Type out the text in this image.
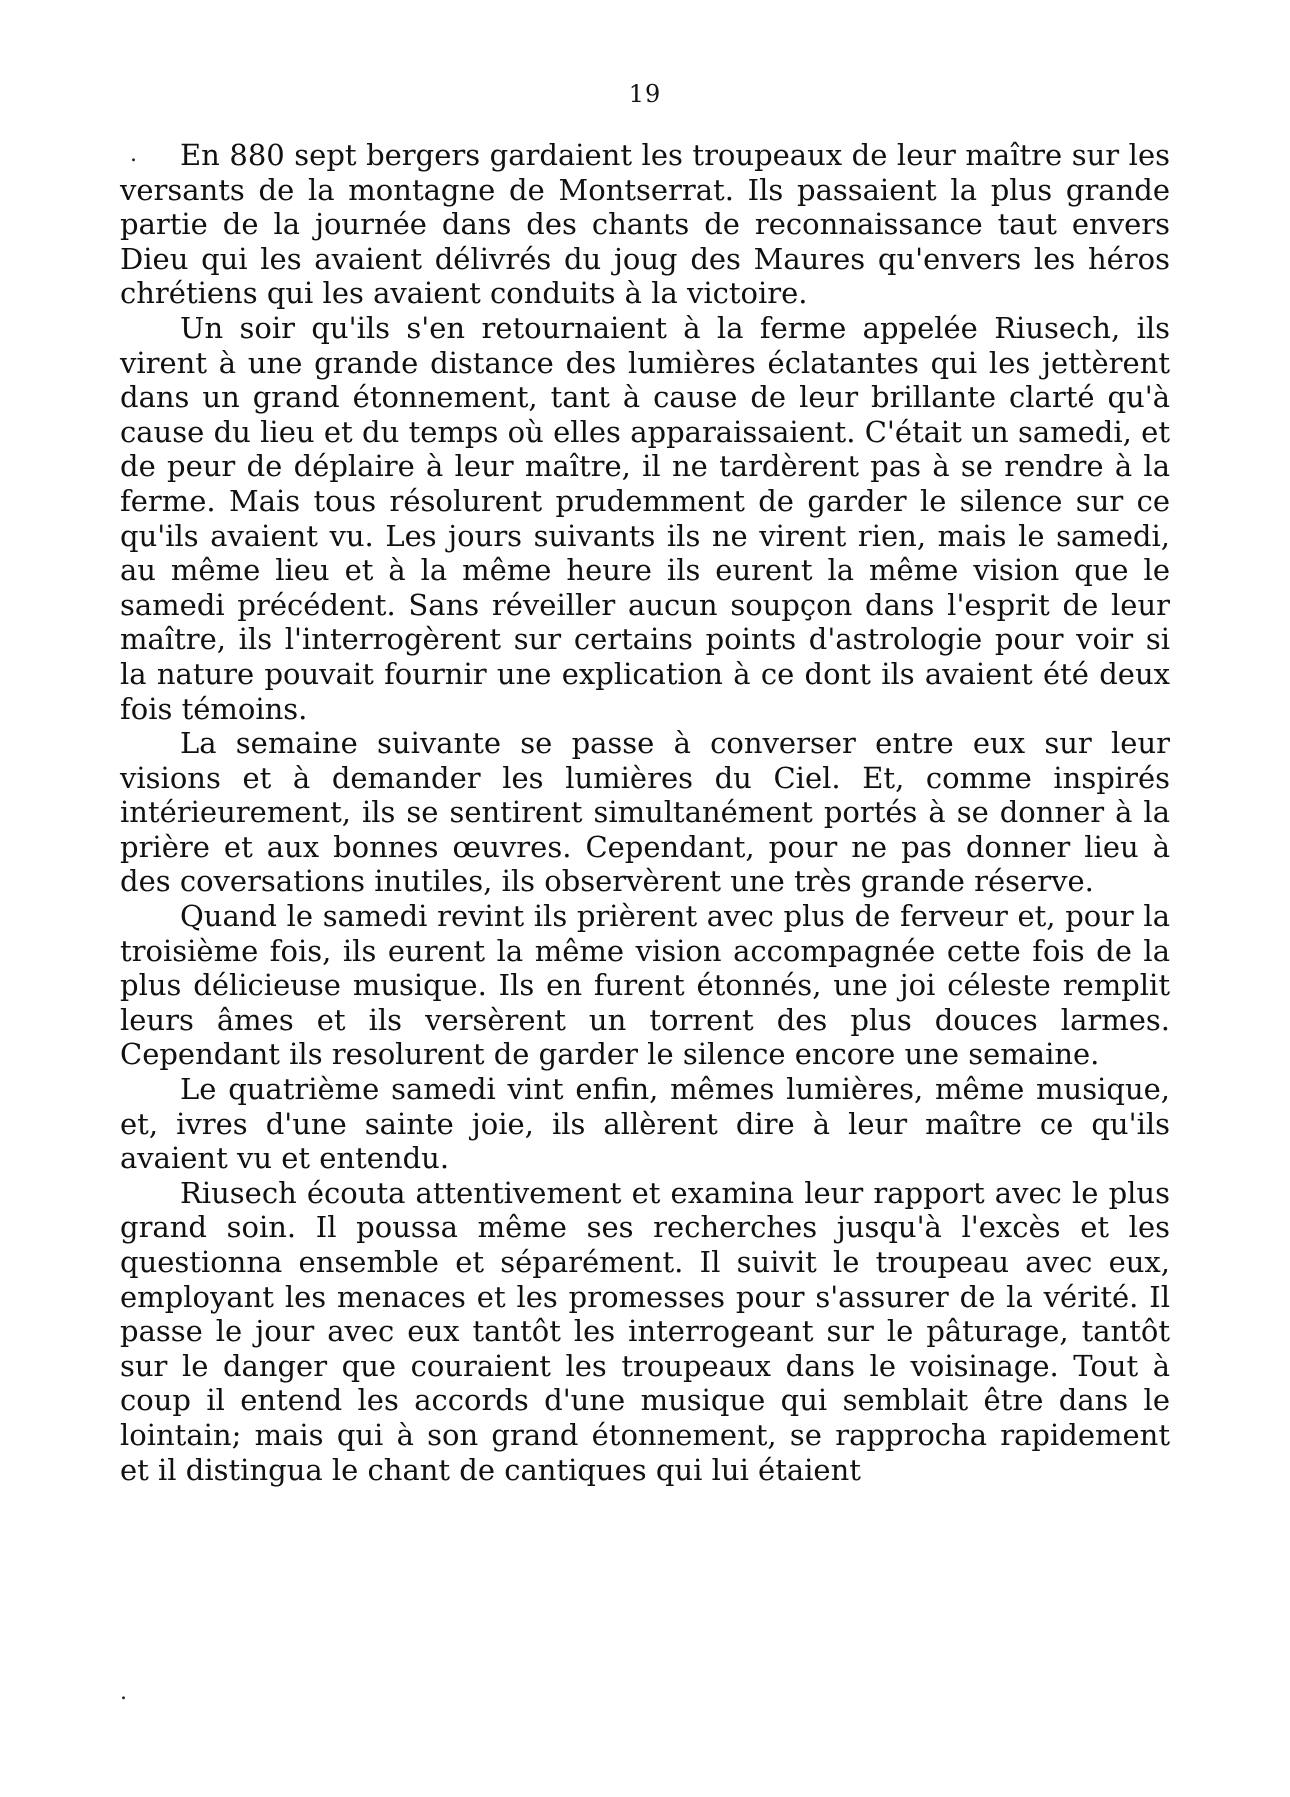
19

En 880 sept bergers gardaient les troupeaux de leur maître sur les versants de la montagne de Montserrat. Ils passaient la plus grande partie de la journée dans des chants de reconnaissance taut envers Dieu qui les avaient délivrés du joug des Maures qu'envers les héros chrétiens qui les avaient conduits à la victoire.

Un soir qu'ils s'en retournaient à la ferme appelée Riusech, ils virent à une grande distance des lumières éclatantes qui les jettèrent dans un grand étonnement, tant à cause de leur brillante clarté qu'à cause du lieu et du temps où elles apparaissaient. C'était un samedi, et de peur de déplaire à leur maître, il ne tardèrent pas à se rendre à la ferme. Mais tous résolurent prudemment de garder le silence sur ce qu'ils avaient vu. Les jours suivants ils ne virent rien, mais le samedi, au même lieu et à la même heure ils eurent la même vision que le samedi précédent. Sans réveiller aucun soupçon dans l'esprit de leur maître, ils l'interrogèrent sur certains points d'astrologie pour voir si la nature pouvait fournir une explication à ce dont ils avaient été deux fois témoins.

La semaine suivante se passe à converser entre eux sur leur visions et à demander les lumières du Ciel. Et, comme inspirés intérieurement, ils se sentirent simultanément portés à se donner à la prière et aux bonnes œuvres. Cependant, pour ne pas donner lieu à des coversations inutiles, ils observèrent une très grande réserve.

Quand le samedi revint ils prièrent avec plus de ferveur et, pour la troisième fois, ils eurent la même vision accompagnée cette fois de la plus délicieuse musique. Ils en furent étonnés, une joi céleste remplit leurs âmes et ils versèrent un torrent des plus douces larmes. Cependant ils resolurent de garder le silence encore une semaine.

Le quatrième samedi vint enfin, mêmes lumières, même musique, et, ivres d'une sainte joie, ils allèrent dire à leur maître ce qu'ils avaient vu et entendu.

Riusech écouta attentivement et examina leur rapport avec le plus grand soin. Il poussa même ses recherches jusqu'à l'excès et les questionna ensemble et séparément. Il suivit le troupeau avec eux, employant les menaces et les promesses pour s'assurer de la vérité. Il passe le jour avec eux tantôt les interrogeant sur le pâturage, tantôt sur le danger que couraient les troupeaux dans le voisinage. Tout à coup il entend les accords d'une musique qui semblait être dans le lointain; mais qui à son grand étonnement, se rapprocha rapidement et il distingua le chant de cantiques qui lui étaient

.
.
